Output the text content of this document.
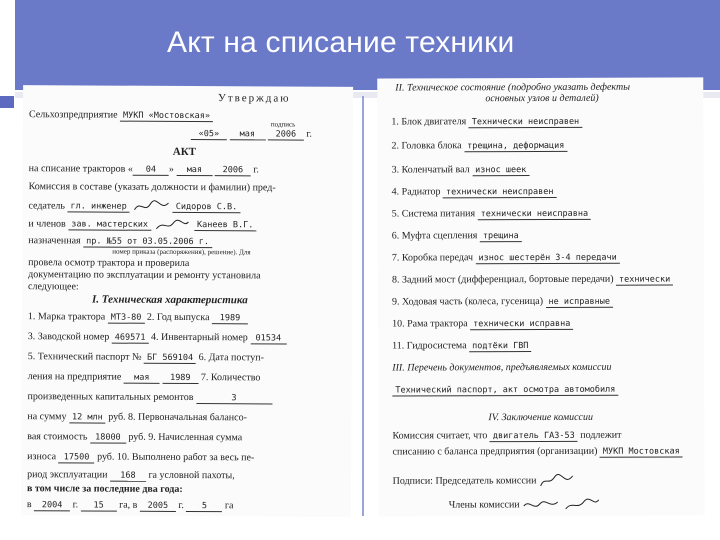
Акт на списание техники
Утверждаю
Сельхозпредприятие МУКП «Мостовская»
подпись
«05» мая 2006 г.
АКТ
на списание тракторов « 04 » мая 2006 г.
Комиссия в составе (указать должности и фамилии) пред-
седатель гл. инженер	Сидоров С.В.
и членов зав. мастерских	Канеев В.Г.
назначенная пр. №55 от 03.05.2006 г.
номер приказа (распоряжения), решение). Для
провела осмотр трактора и проверила
документацию по эксплуатации и ремонту установила
следующее:
I. Техническая характеристика
1. Марка трактора МТЗ-80 2. Год выпуска 1989
3. Заводской номер 469571 4. Инвентарный номер 01534
5. Технический паспорт № БГ 569104 6. Дата поступ-
ления на предприятие мая 1989 7. Количество
произведенных капитальных ремонтов	3
на сумму 12 млн руб. 8. Первоначальная балансо-
вая стоимость 18000 руб. 9. Начисленная сумма
износа 17500 руб. 10. Выполнено работ за весь пе-
риод эксплуатации 168 га условной пахоты,
в том числе за последние два года:
в 2004 г. 15 га, в 2005 г. 5 га
II. Техническое состояние (подробно указать дефекты
основных узлов и деталей)
1. Блок двигателя Технически неисправен
2. Головка блока трещина, деформация
3. Коленчатый вал износ шеек
4. Радиатор технически неисправен
5. Система питания технически неисправна
6. Муфта сцепления трещина
7. Коробка передач износ шестерён 3-4 передачи
8. Задний мост (дифференциал, бортовые передачи) технически
9. Ходовая часть (колеса, гусеница) не исправные
10. Рама трактора технически исправна
11. Гидросистема подтёки ГВП
III. Перечень документов, предъявляемых комиссии
Технический паспорт, акт осмотра автомобиля
IV. Заключение комиссии
Комиссия считает, что двигатель ГАЗ-53 подлежит
списанию с баланса предприятия (организации) МУКП Мостовская
Подписи: Председатель комиссии
Члены комиссии
